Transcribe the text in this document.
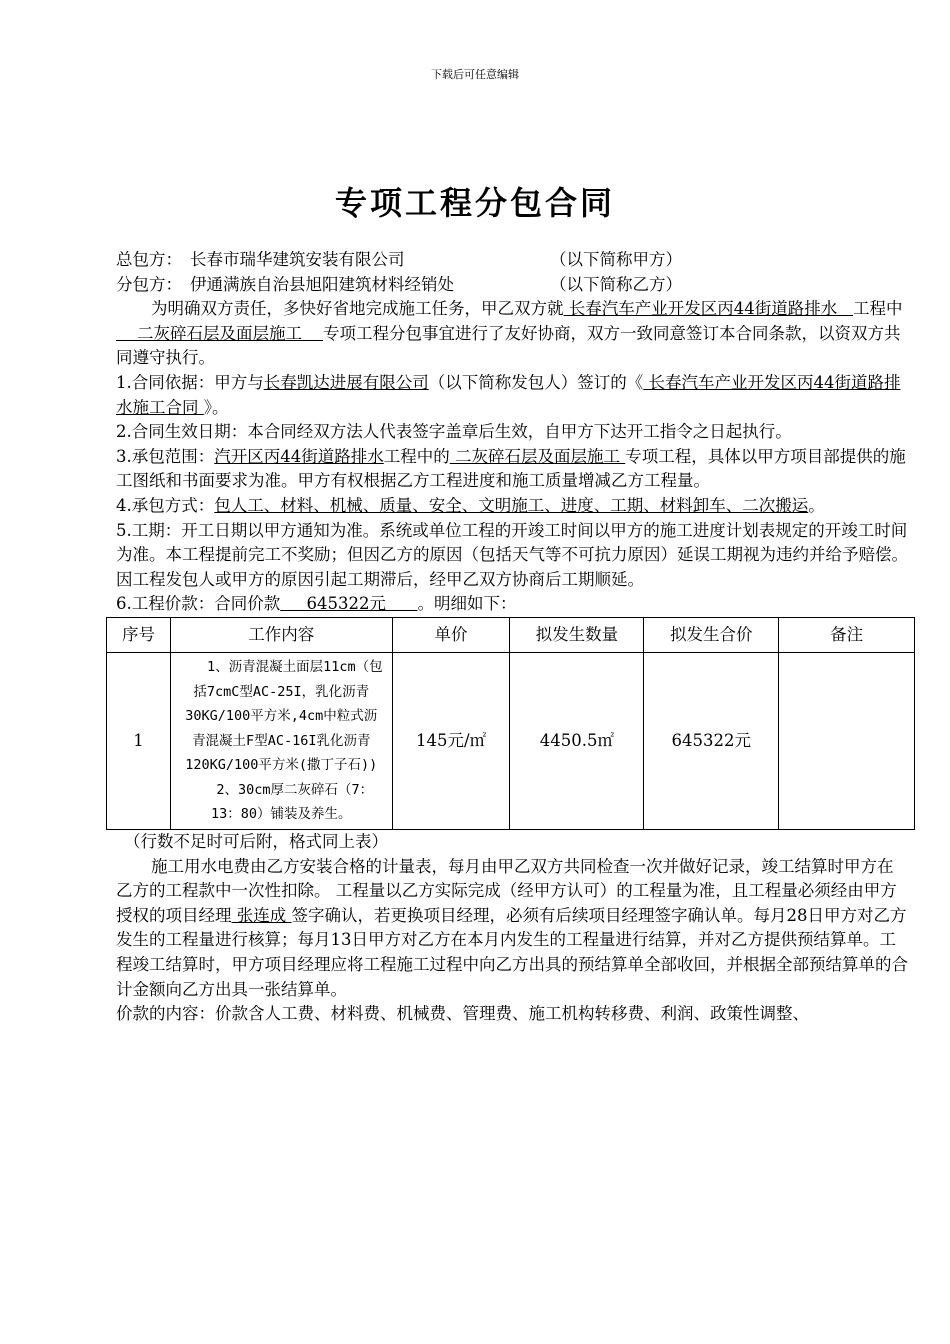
下载后可任意编辑
专项工程分包合同
总包方： 长春市瑞华建筑安装有限公司	（以下简称甲方）
分包方： 伊通满族自治县旭阳建筑材料经销处	（以下简称乙方）

为明确双方责任，多快好省地完成施工任务，甲乙双方就 长春汽车产业开发区丙44街道路排水   工程中    二灰碎石层及面层施工    专项工程分包事宜进行了友好协商，双方一致同意签订本合同条款，以资双方共同遵守执行。

1.合同依据：甲方与长春凯达进展有限公司（以下简称发包人）签订的《 长春汽车产业开发区丙44街道路排水施工合同 》。

2.合同生效日期：本合同经双方法人代表签字盖章后生效，自甲方下达开工指令之日起执行。

3.承包范围：汽开区丙44街道路排水工程中的 二灰碎石层及面层施工 专项工程，具体以甲方项目部提供的施工图纸和书面要求为准。甲方有权根据乙方工程进度和施工质量增减乙方工程量。

4.承包方式：包人工、材料、机械、质量、安全、文明施工、进度、工期、材料卸车、二次搬运。

5.工期：开工日期以甲方通知为准。系统或单位工程的开竣工时间以甲方的施工进度计划表规定的开竣工时间为准。本工程提前完工不奖励；但因乙方的原因（包括天气等不可抗力原因）延误工期视为违约并给予赔偿。因工程发包人或甲方的原因引起工期滞后，经甲乙双方协商后工期顺延。

6.工程价款：合同价款     645322元      。明细如下：

序号	工作内容	单价	拟发生数量	拟发生合价	备注
1	1、沥青混凝土面层11cm（包括7cmC型AC-25I，乳化沥青30KG/100平方米,4cm中粒式沥青混凝土F型AC-16I乳化沥青120KG/100平方米(撒丁子石))

2、30cm厚二灰碎石（7：13：80）铺装及养生。	145元/㎡	4450.5㎡	645322元	

（行数不足时可后附，格式同上表）

施工用水电费由乙方安装合格的计量表，每月由甲乙双方共同检查一次并做好记录，竣工结算时甲方在乙方的工程款中一次性扣除。 工程量以乙方实际完成（经甲方认可）的工程量为准，且工程量必须经由甲方授权的项目经理 张连成 签字确认，若更换项目经理，必须有后续项目经理签字确认单。每月28日甲方对乙方发生的工程量进行核算；每月13日甲方对乙方在本月内发生的工程量进行结算，并对乙方提供预结算单。工程竣工结算时，甲方项目经理应将工程施工过程中向乙方出具的预结算单全部收回，并根据全部预结算单的合计金额向乙方出具一张结算单。

价款的内容：价款含人工费、材料费、机械费、管理费、施工机构转移费、利润、政策性调整、
